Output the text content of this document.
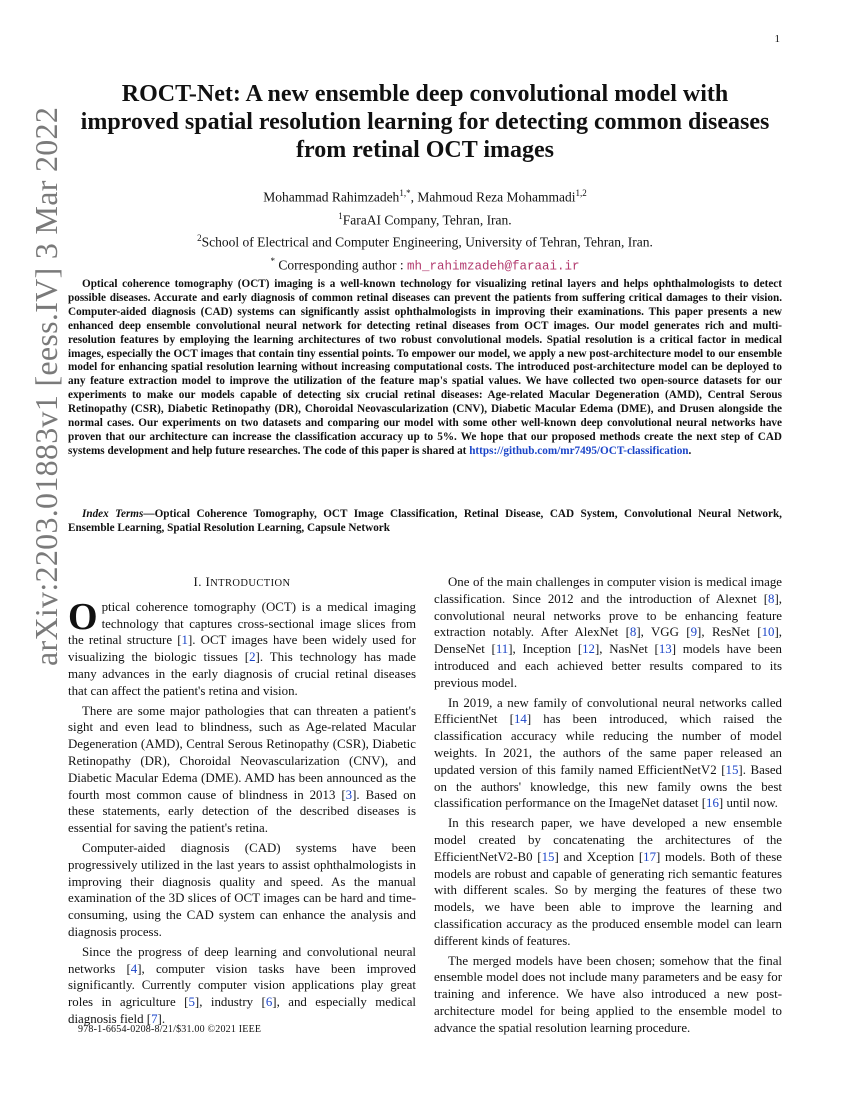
1
arXiv:2203.01883v1 [eess.IV] 3 Mar 2022
ROCT-Net: A new ensemble deep convolutional model with improved spatial resolution learning for detecting common diseases from retinal OCT images
Mohammad Rahimzadeh$^{1,*}$, Mahmoud Reza Mohammadi$^{1,2}$
$^1$FaraAI Company, Tehran, Iran.
$^2$School of Electrical and Computer Engineering, University of Tehran, Tehran, Iran.
* Corresponding author : mh_rahimzadeh@faraai.ir

Optical coherence tomography (OCT) imaging is a well-known technology for visualizing retinal layers and helps ophthalmologists to detect possible diseases. Accurate and early diagnosis of common retinal diseases can prevent the patients from suffering critical damages to their vision. Computer-aided diagnosis (CAD) systems can significantly assist ophthalmologists in improving their examinations. This paper presents a new enhanced deep ensemble convolutional neural network for detecting retinal diseases from OCT images. Our model generates rich and multi-resolution features by employing the learning architectures of two robust convolutional models. Spatial resolution is a critical factor in medical images, especially the OCT images that contain tiny essential points. To empower our model, we apply a new post-architecture model to our ensemble model for enhancing spatial resolution learning without increasing computational costs. The introduced post-architecture model can be deployed to any feature extraction model to improve the utilization of the feature map's spatial values. We have collected two open-source datasets for our experiments to make our models capable of detecting six crucial retinal diseases: Age-related Macular Degeneration (AMD), Central Serous Retinopathy (CSR), Diabetic Retinopathy (DR), Choroidal Neovascularization (CNV), Diabetic Macular Edema (DME), and Drusen alongside the normal cases. Our experiments on two datasets and comparing our model with some other well-known deep convolutional neural networks have proven that our architecture can increase the classification accuracy up to 5%. We hope that our proposed methods create the next step of CAD systems development and help future researches. The code of this paper is shared at https://github.com/mr7495/OCT-classification.

Index Terms—Optical Coherence Tomography, OCT Image Classification, Retinal Disease, CAD System, Convolutional Neural Network, Ensemble Learning, Spatial Resolution Learning, Capsule Network

I. INTRODUCTION

Optical coherence tomography (OCT) is a medical imaging technology that captures cross-sectional image slices from the retinal structure [1]. OCT images have been widely used for visualizing the biologic tissues [2]. This technology has made many advances in the early diagnosis of crucial retinal diseases that can affect the patient's retina and vision.

There are some major pathologies that can threaten a patient's sight and even lead to blindness, such as Age-related Macular Degeneration (AMD), Central Serous Retinopathy (CSR), Diabetic Retinopathy (DR), Choroidal Neovascularization (CNV), and Diabetic Macular Edema (DME). AMD has been announced as the fourth most common cause of blindness in 2013 [3]. Based on these statements, early detection of the described diseases is essential for saving the patient's retina.

Computer-aided diagnosis (CAD) systems have been progressively utilized in the last years to assist ophthalmologists in improving their diagnosis quality and speed. As the manual examination of the 3D slices of OCT images can be hard and time-consuming, using the CAD system can enhance the analysis and diagnosis process.

Since the progress of deep learning and convolutional neural networks [4], computer vision tasks have been improved significantly. Currently computer vision applications play great roles in agriculture [5], industry [6], and especially medical diagnosis field [7].

One of the main challenges in computer vision is medical image classification. Since 2012 and the introduction of Alexnet [8], convolutional neural networks prove to be enhancing feature extraction notably. After AlexNet [8], VGG [9], ResNet [10], DenseNet [11], Inception [12], NasNet [13] models have been introduced and each achieved better results compared to its previous model.

In 2019, a new family of convolutional neural networks called EfficientNet [14] has been introduced, which raised the classification accuracy while reducing the number of model weights. In 2021, the authors of the same paper released an updated version of this family named EfficientNetV2 [15]. Based on the authors' knowledge, this new family owns the best classification performance on the ImageNet dataset [16] until now.

In this research paper, we have developed a new ensemble model created by concatenating the architectures of the EfficientNetV2-B0 [15] and Xception [17] models. Both of these models are robust and capable of generating rich semantic features with different scales. So by merging the features of these two models, we have been able to improve the learning and classification accuracy as the produced ensemble model can learn different kinds of features.

The merged models have been chosen; somehow that the final ensemble model does not include many parameters and be easy for training and inference. We have also introduced a new post-architecture model for being applied to the ensemble model to advance the spatial resolution learning procedure.

978-1-6654-0208-8/21/$31.00 ©2021 IEEE
